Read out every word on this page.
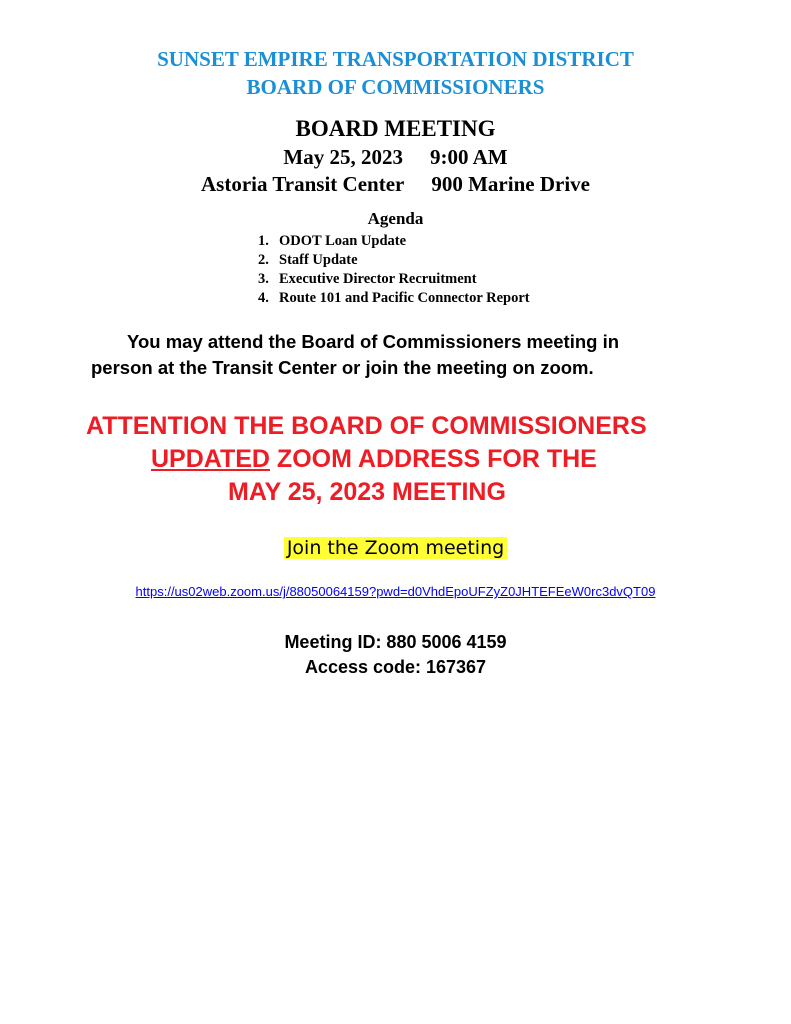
SUNSET EMPIRE TRANSPORTATION DISTRICT
BOARD OF COMMISSIONERS
BOARD MEETING
May 25, 2023 9:00 AM
Astoria Transit Center 900 Marine Drive
Agenda
1. ODOT Loan Update
2. Staff Update
3. Executive Director Recruitment
4. Route 101 and Pacific Connector Report
You may attend the Board of Commissioners meeting in
person at the Transit Center or join the meeting on zoom.
ATTENTION THE BOARD OF COMMISSIONERS
UPDATED ZOOM ADDRESS FOR THE
MAY 25, 2023 MEETING
Join the Zoom meeting
https://us02web.zoom.us/j/88050064159?pwd=d0VhdEpoUFZyZ0JHTEFEeW0rc3dvQT09
Meeting ID: 880 5006 4159
Access code: 167367
